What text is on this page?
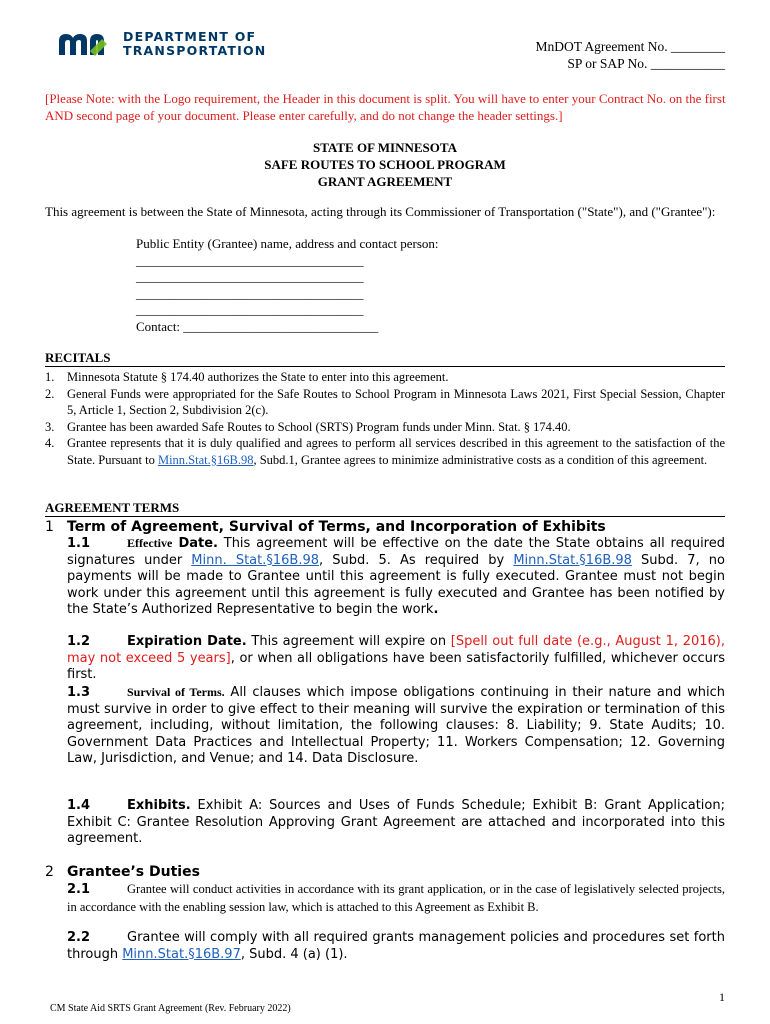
DEPARTMENT OF
TRANSPORTATION	MnDOT Agreement No. ________
SP or SAP No. ___________
[Please Note: with the Logo requirement, the Header in this document is split. You will have to enter your Contract No. on the first AND second page of your document. Please enter carefully, and do not change the header settings.]
STATE OF MINNESOTA
SAFE ROUTES TO SCHOOL PROGRAM
GRANT AGREEMENT
This agreement is between the State of Minnesota, acting through its Commissioner of Transportation ("State"), and ("Grantee"):
Public Entity (Grantee) name, address and contact person:
___________________________________
___________________________________
___________________________________
___________________________________
Contact: ______________________________
RECITALS
1.	Minnesota Statute § 174.40 authorizes the State to enter into this agreement.
2.	General Funds were appropriated for the Safe Routes to School Program in Minnesota Laws 2021, First Special Session, Chapter 5, Article 1, Section 2, Subdivision 2(c).
3.	Grantee has been awarded Safe Routes to School (SRTS) Program funds under Minn. Stat. § 174.40.
4.	Grantee represents that it is duly qualified and agrees to perform all services described in this agreement to the satisfaction of the State. Pursuant to Minn.Stat.§16B.98, Subd.1, Grantee agrees to minimize administrative costs as a condition of this agreement.
AGREEMENT TERMS
1 Term of Agreement, Survival of Terms, and Incorporation of Exhibits
1.1	Effective Date. This agreement will be effective on the date the State obtains all required signatures under Minn. Stat.§16B.98, Subd. 5. As required by Minn.Stat.§16B.98 Subd. 7, no payments will be made to Grantee until this agreement is fully executed. Grantee must not begin work under this agreement until this agreement is fully executed and Grantee has been notified by the State’s Authorized Representative to begin the work.
1.2	Expiration Date. This agreement will expire on [Spell out full date (e.g., August 1, 2016), may not exceed 5 years], or when all obligations have been satisfactorily fulfilled, whichever occurs first.
1.3	Survival of Terms. All clauses which impose obligations continuing in their nature and which must survive in order to give effect to their meaning will survive the expiration or termination of this agreement, including, without limitation, the following clauses: 8. Liability; 9. State Audits; 10. Government Data Practices and Intellectual Property; 11. Workers Compensation; 12. Governing Law, Jurisdiction, and Venue; and 14. Data Disclosure.
1.4	Exhibits. Exhibit A: Sources and Uses of Funds Schedule; Exhibit B: Grant Application; Exhibit C: Grantee Resolution Approving Grant Agreement are attached and incorporated into this agreement.
2 Grantee’s Duties
2.1	Grantee will conduct activities in accordance with its grant application, or in the case of legislatively selected projects, in accordance with the enabling session law, which is attached to this Agreement as Exhibit B.
2.2	Grantee will comply with all required grants management policies and procedures set forth through Minn.Stat.§16B.97, Subd. 4 (a) (1).
1
CM State Aid SRTS Grant Agreement (Rev. February 2022)
